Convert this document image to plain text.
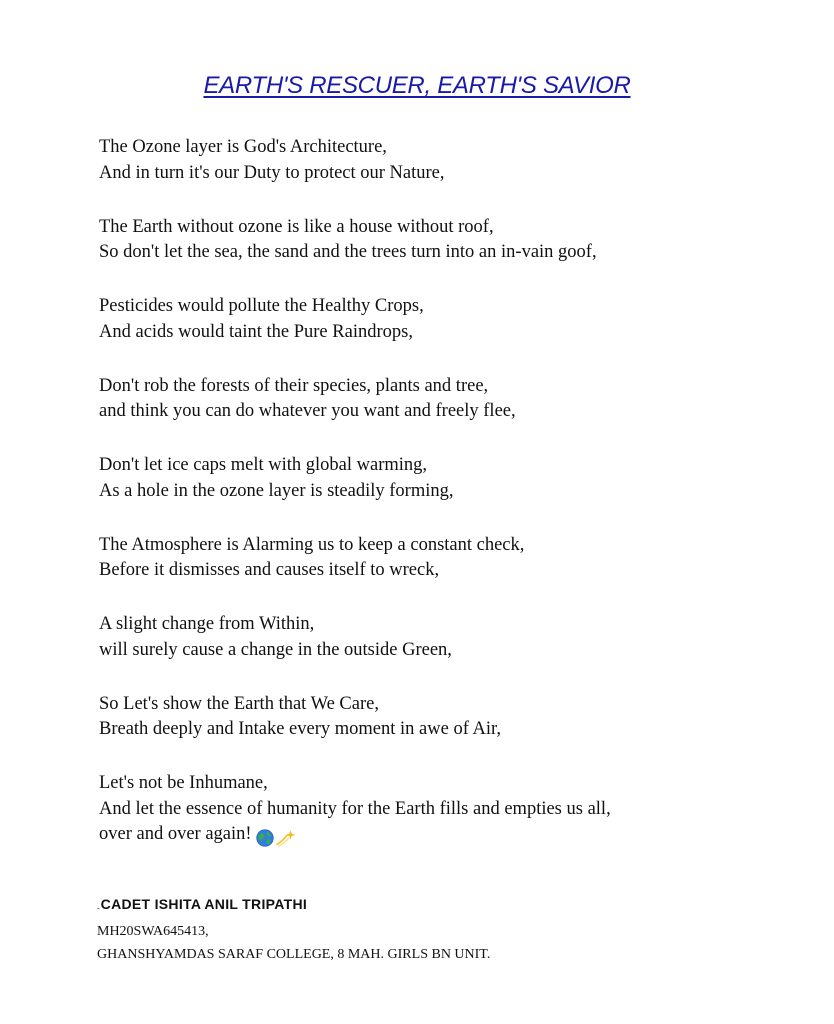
EARTH'S RESCUER, EARTH'S SAVIOR
The Ozone layer is God's Architecture,
And in turn it's our Duty to protect our Nature,
The Earth without ozone is like a house without roof,
So don't let the sea, the sand and the trees turn into an in-vain goof,
Pesticides would pollute the Healthy Crops,
And acids would taint the Pure Raindrops,
Don't rob the forests of their species, plants and tree,
and think you can do whatever you want and freely flee,
Don't let ice caps melt with global warming,
As a hole in the ozone layer is steadily forming,
The Atmosphere is Alarming us to keep a constant check,
Before it dismisses and causes itself to wreck,
A slight change from Within,
will surely cause a change in the outside Green,
So Let's show the Earth that We Care,
Breath deeply and Intake every moment in awe of Air,
Let's not be Inhumane,
And let the essence of humanity for the Earth fills and empties us all,
over and over again!
-CADET ISHITA ANIL TRIPATHI
MH20SWA645413,
GHANSHYAMDAS SARAF COLLEGE, 8 MAH. GIRLS BN UNIT.
